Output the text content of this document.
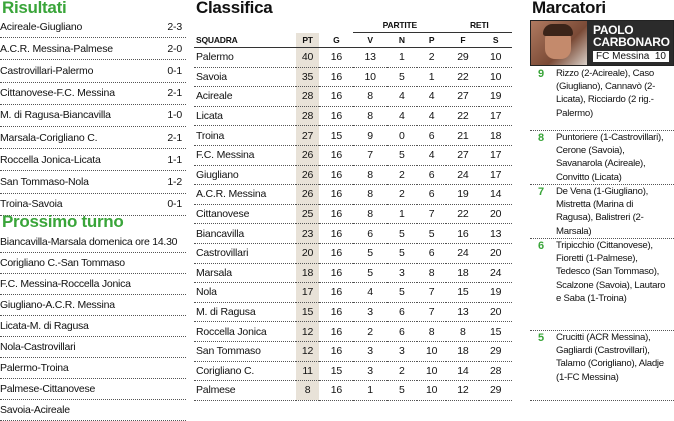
Risultati
Acireale-Giugliano	2-3
A.C.R. Messina-Palmese	2-0
Castrovillari-Palermo	0-1
Cittanovese-F.C. Messina	2-1
M. di Ragusa-Biancavilla	1-0
Marsala-Corigliano C.	2-1
Roccella Jonica-Licata	1-1
San Tommaso-Nola	1-2
Troina-Savoia	0-1
Prossimo turno
Biancavilla-Marsala domenica ore 14.30
Corigliano C.-San Tommaso
F.C. Messina-Roccella Jonica
Giugliano-A.C.R. Messina
Licata-M. di Ragusa
Nola-Castrovillari
Palermo-Troina
Palmese-Cittanovese
Savoia-Acireale
Classifica
			PARTITE			RETI	
SQUADRA	PT	G	V	N	P	F	S
Palermo	40	16	13	1	2	29	10
Savoia	35	16	10	5	1	22	10
Acireale	28	16	8	4	4	27	19
Licata	28	16	8	4	4	22	17
Troina	27	15	9	0	6	21	18
F.C. Messina	26	16	7	5	4	27	17
Giugliano	26	16	8	2	6	24	17
A.C.R. Messina	26	16	8	2	6	19	14
Cittanovese	25	16	8	1	7	22	20
Biancavilla	23	16	6	5	5	16	13
Castrovillari	20	16	5	5	6	24	20
Marsala	18	16	5	3	8	18	24
Nola	17	16	4	5	7	15	19
M. di Ragusa	15	16	3	6	7	13	20
Roccella Jonica	12	16	2	6	8	8	15
San Tommaso	12	16	3	3	10	18	29
Corigliano C.	11	15	3	2	10	14	28
Palmese	8	16	1	5	10	12	29
Marcatori
PAOLO
CARBONARO
FC Messina 10
9 Rizzo (2-Acireale), Caso (Giugliano), Cannavò (2-Licata), Ricciardo (2 rig.-Palermo)
8 Puntoriere (1-Castrovillari), Cerone (Savoia), Savanarola (Acireale), Convitto (Licata)
7 De Vena (1-Giugliano), Mistretta (Marina di Ragusa), Balistreri (2-Marsala)
6 Tripicchio (Cittanovese), Fioretti (1-Palmese), Tedesco (San Tommaso), Scalzone (Savoia), Lautaro e Saba (1-Troina)
5 Crucitti (ACR Messina), Gagliardi (Castrovillari), Talamo (Corigliano), Aladje (1-FC Messina)
